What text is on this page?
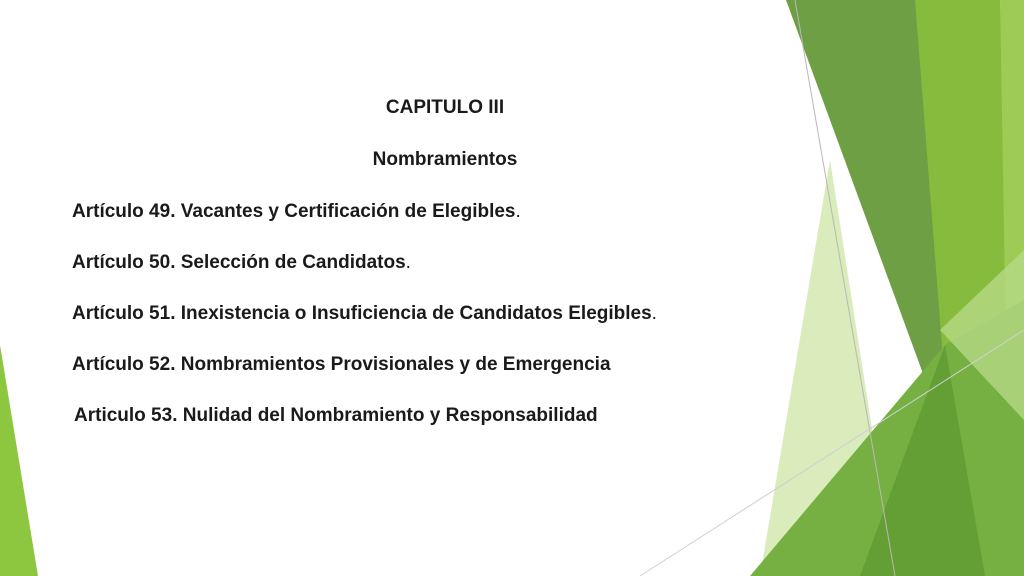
CAPITULO III
Nombramientos
Artículo 49. Vacantes y Certificación de Elegibles.
Artículo 50. Selección de Candidatos.
Artículo 51. Inexistencia o Insuficiencia de Candidatos Elegibles.
Artículo 52. Nombramientos Provisionales y de Emergencia
Articulo 53. Nulidad del Nombramiento y Responsabilidad
